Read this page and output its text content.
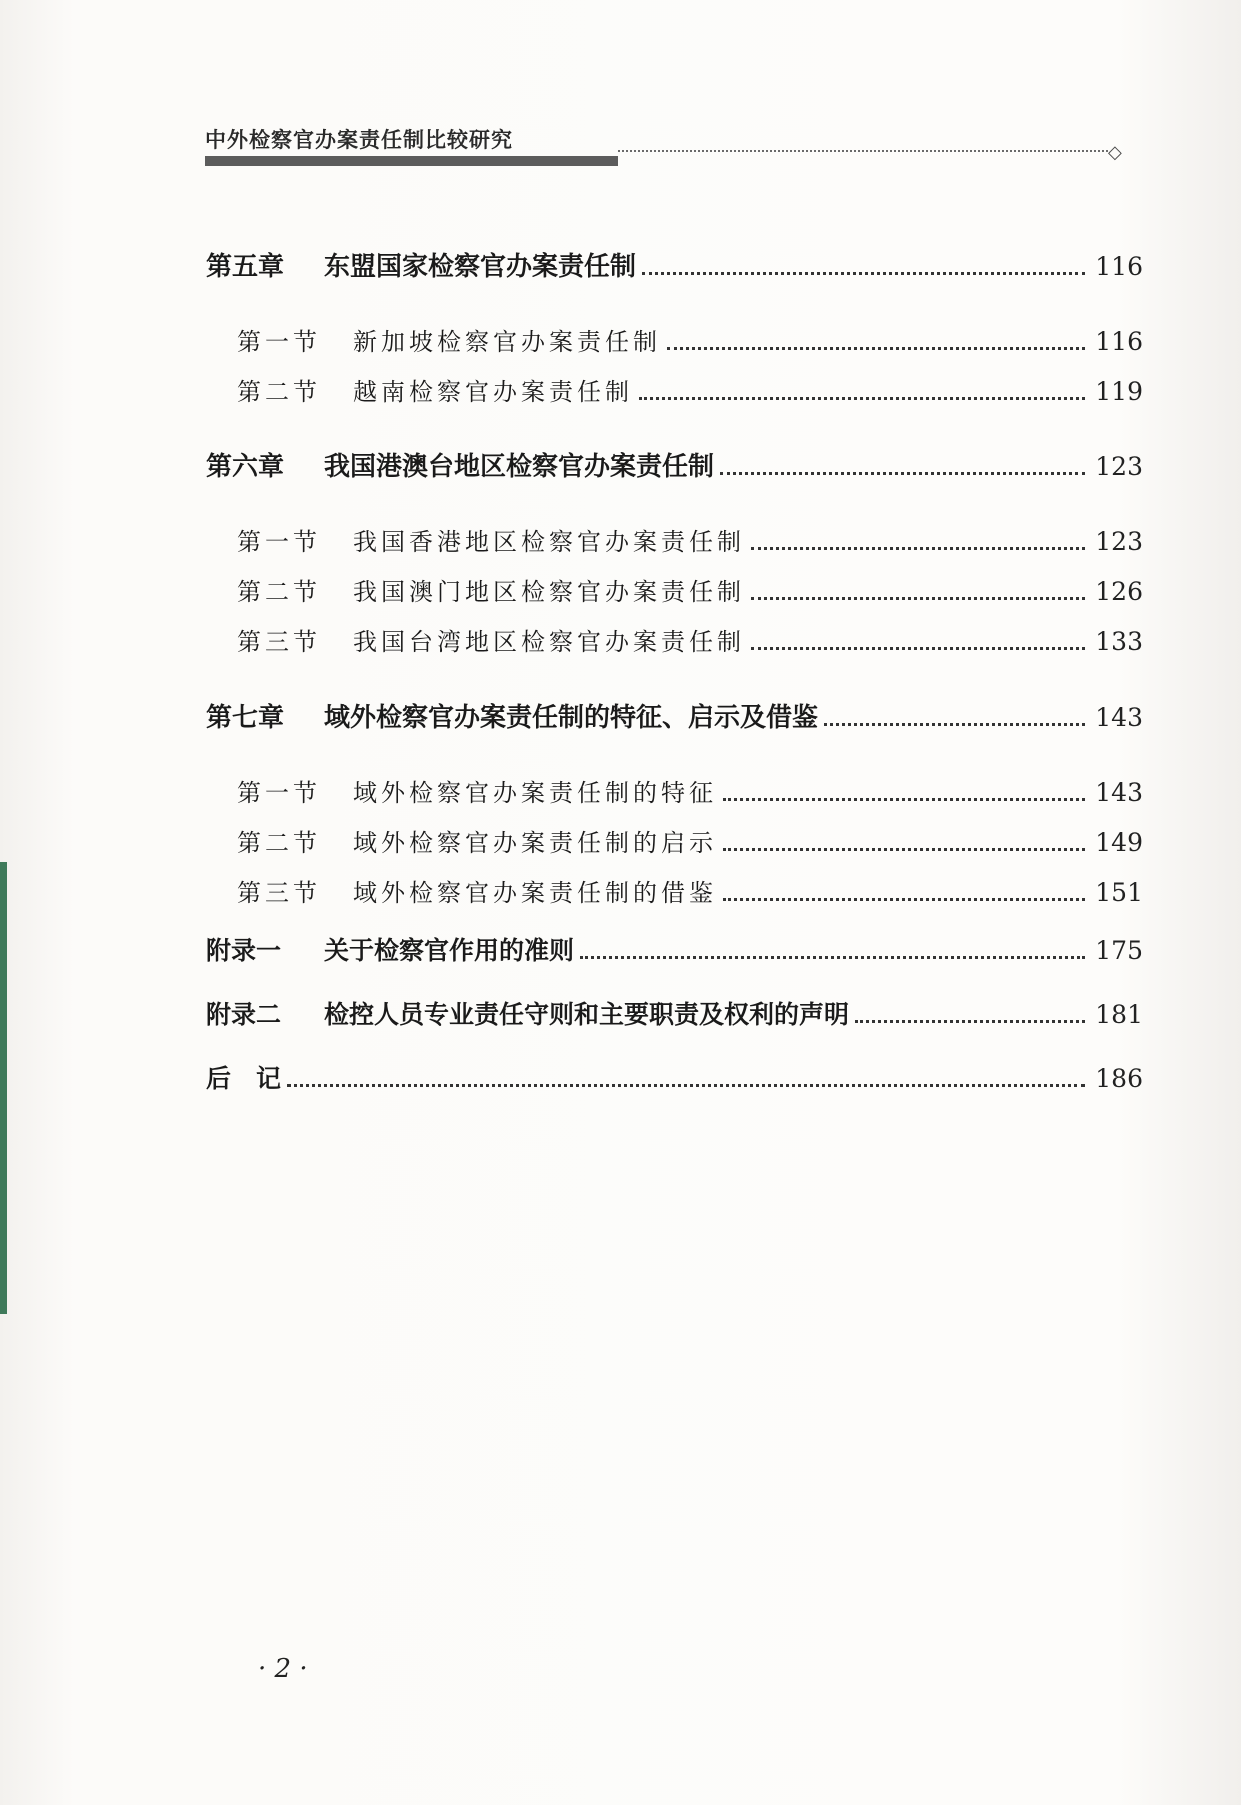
中外检察官办案责任制比较研究
◇
第五章	东盟国家检察官办案责任制	116
第一节	新加坡检察官办案责任制	116
第二节	越南检察官办案责任制	119
第六章	我国港澳台地区检察官办案责任制	123
第一节	我国香港地区检察官办案责任制	123
第二节	我国澳门地区检察官办案责任制	126
第三节	我国台湾地区检察官办案责任制	133
第七章	域外检察官办案责任制的特征、启示及借鉴	143
第一节	域外检察官办案责任制的特征	143
第二节	域外检察官办案责任制的启示	149
第三节	域外检察官办案责任制的借鉴	151
附录一	关于检察官作用的准则	175
附录二	检控人员专业责任守则和主要职责及权利的声明	181
后　记	186
· 2 ·
